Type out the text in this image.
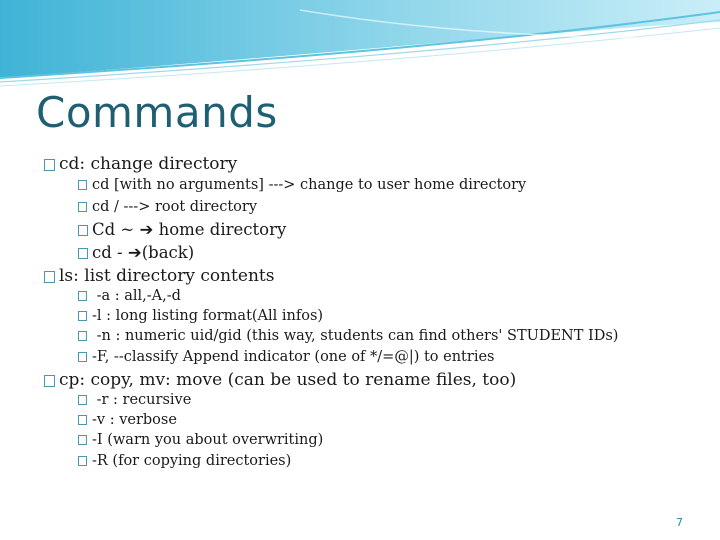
Commands
cd: change directory
cd [with no arguments] ---> change to user home directory
cd / ---> root directory
Cd ~ ➔ home directory
cd - ➔(back)
ls: list directory contents
-a : all,-A,-d
-l : long listing format(All infos)
-n : numeric uid/gid (this way, students can find others' STUDENT IDs)
-F, --classify Append indicator (one of */=@|) to entries
cp: copy, mv: move (can be used to rename files, too)
-r : recursive
-v : verbose
-I (warn you about overwriting)
-R (for copying directories)
7
